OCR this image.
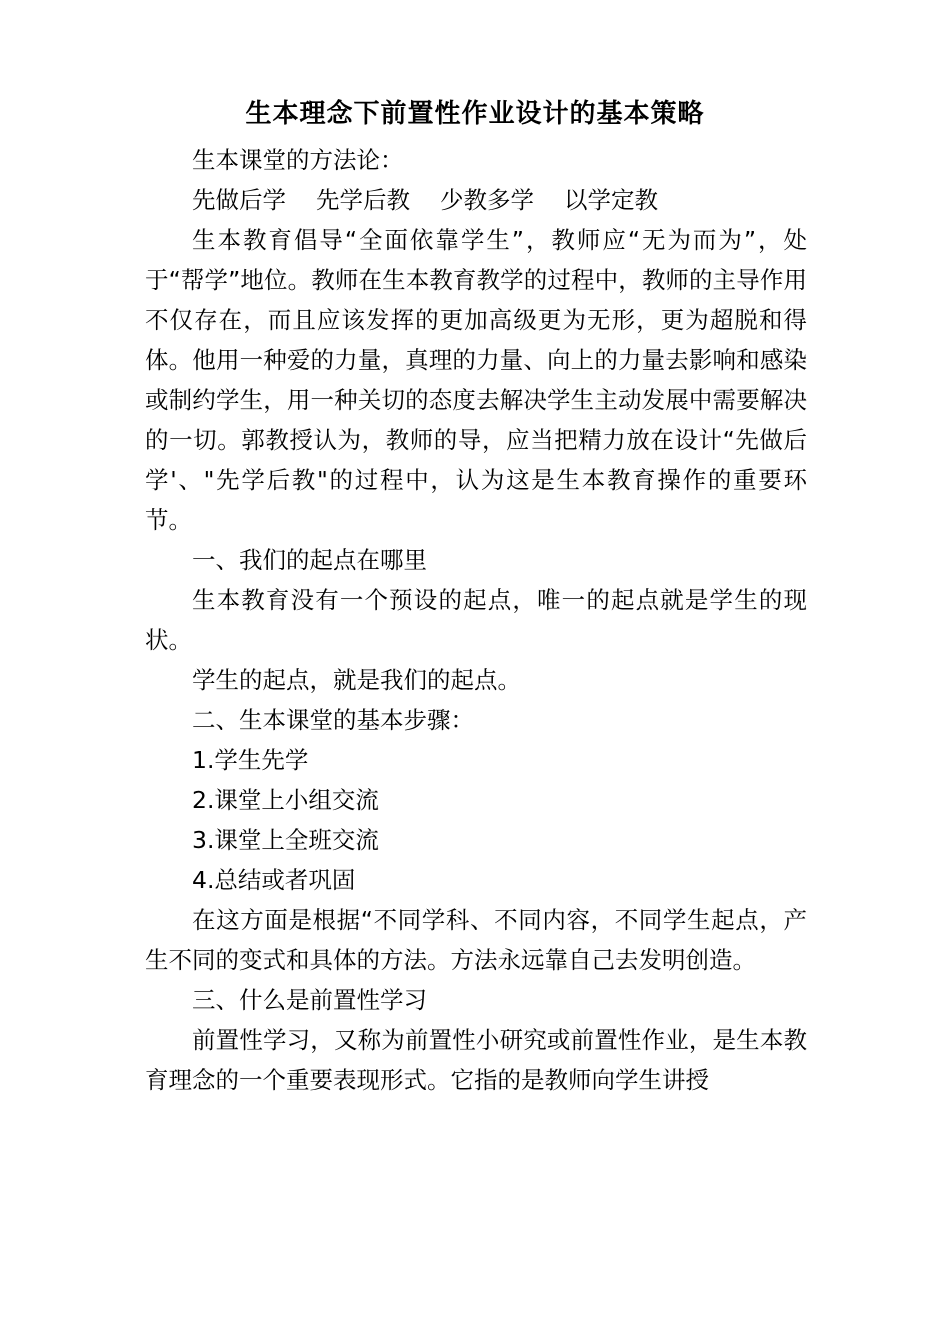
生本理念下前置性作业设计的基本策略

生本课堂的方法论：

先做后学 先学后教 少教多学 以学定教

生本教育倡导“全面依靠学生”，教师应“无为而为”，处于“帮学”地位。教师在生本教育教学的过程中，教师的主导作用不仅存在，而且应该发挥的更加高级更为无形，更为超脱和得体。他用一种爱的力量，真理的力量、向上的力量去影响和感染或制约学生，用一种关切的态度去解决学生主动发展中需要解决的一切。郭教授认为，教师的导，应当把精力放在设计“先做后学'、"先学后教"的过程中，认为这是生本教育操作的重要环节。

一、我们的起点在哪里

生本教育没有一个预设的起点，唯一的起点就是学生的现状。

学生的起点，就是我们的起点。

二、生本课堂的基本步骤：

1.学生先学

2.课堂上小组交流

3.课堂上全班交流

4.总结或者巩固

在这方面是根据“不同学科、不同内容，不同学生起点，产生不同的变式和具体的方法。方法永远靠自己去发明创造。

三、什么是前置性学习

前置性学习，又称为前置性小研究或前置性作业，是生本教育理念的一个重要表现形式。它指的是教师向学生讲授
